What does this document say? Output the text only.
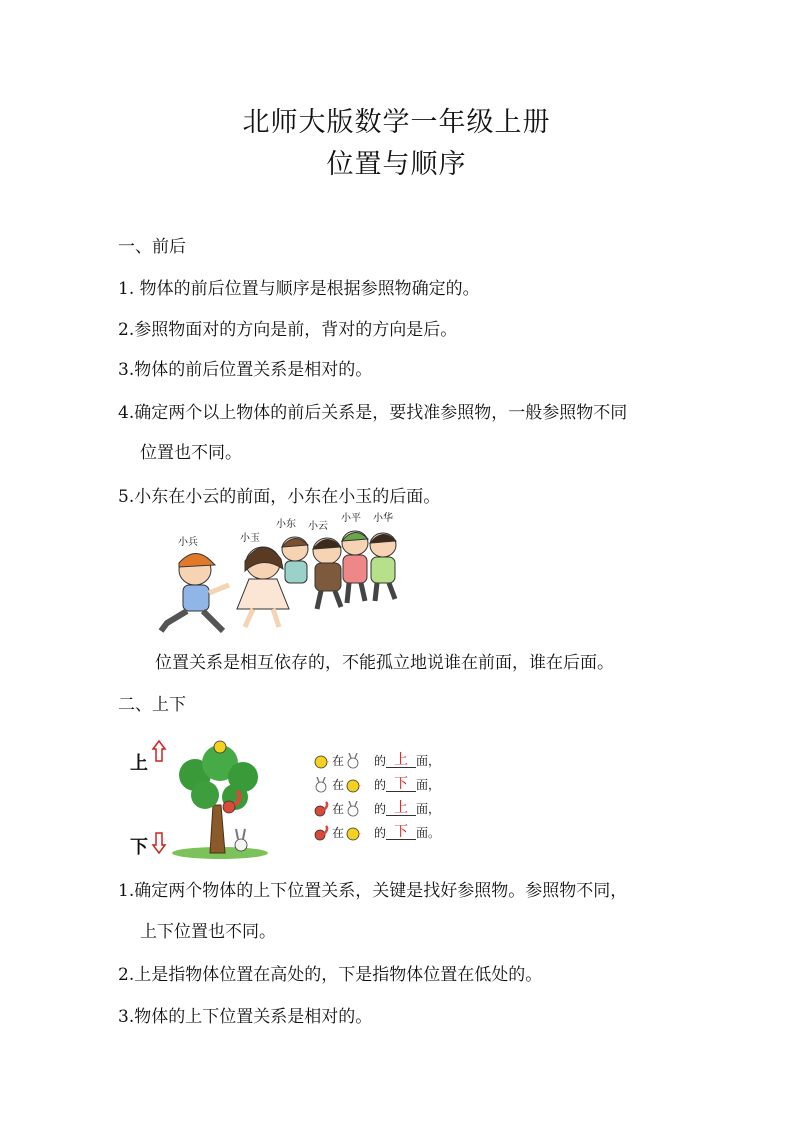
北师大版数学一年级上册
位置与顺序
一、前后
1. 物体的前后位置与顺序是根据参照物确定的。
2.参照物面对的方向是前，背对的方向是后。
3.物体的前后位置关系是相对的。
4.确定两个以上物体的前后关系是，要找准参照物，一般参照物不同
位置也不同。
5.小东在小云的前面，小东在小玉的后面。
小兵	小玉
小东 小云
小平 小华
位置关系是相互依存的，不能孤立地说谁在前面，谁在后面。
二、上下
上
下
在	的 上 面，
在	的 下 面，
在	的 上 面，
在	的 下 面。
1.确定两个物体的上下位置关系，关键是找好参照物。参照物不同，
上下位置也不同。
2.上是指物体位置在高处的，下是指物体位置在低处的。
3.物体的上下位置关系是相对的。
